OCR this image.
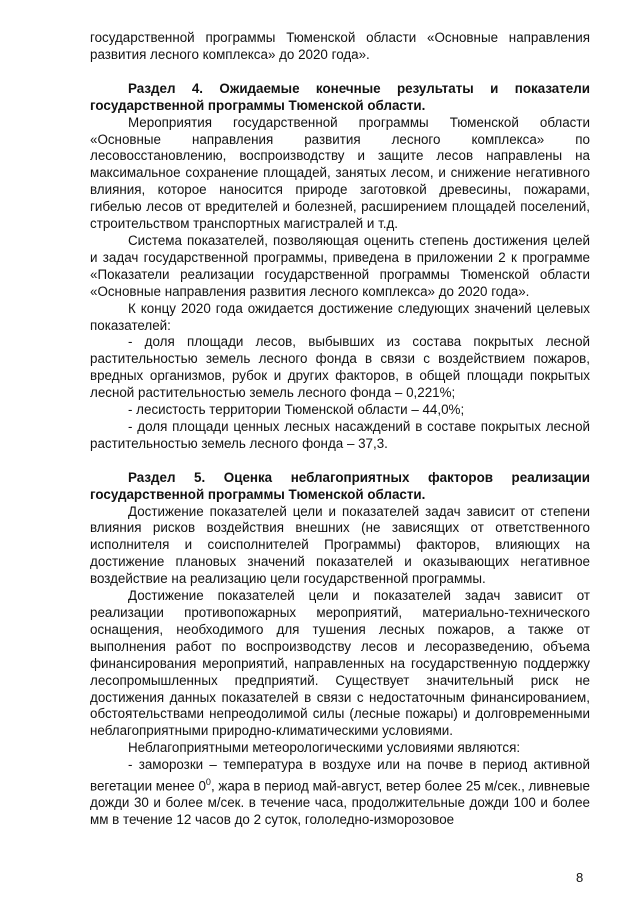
государственной программы Тюменской области «Основные направления развития лесного комплекса» до 2020 года».

Раздел 4. Ожидаемые конечные результаты и показатели государственной программы Тюменской области.

Мероприятия государственной программы Тюменской области «Основные направления развития лесного комплекса» по лесовосстановлению, воспроизводству и защите лесов направлены на максимальное сохранение площадей, занятых лесом, и снижение негативного влияния, которое наносится природе заготовкой древесины, пожарами, гибелью лесов от вредителей и болезней, расширением площадей поселений, строительством транспортных магистралей и т.д.

Система показателей, позволяющая оценить степень достижения целей и задач государственной программы, приведена в приложении 2 к программе «Показатели реализации государственной программы Тюменской области «Основные направления развития лесного комплекса» до 2020 года».

К концу 2020 года ожидается достижение следующих значений целевых показателей:

- доля площади лесов, выбывших из состава покрытых лесной растительностью земель лесного фонда в связи с воздействием пожаров, вредных организмов, рубок и других факторов, в общей площади покрытых лесной растительностью земель лесного фонда – 0,221%;

- лесистость территории Тюменской области – 44,0%;

- доля площади ценных лесных насаждений в составе покрытых лесной растительностью земель лесного фонда – 37,3.

Раздел 5. Оценка неблагоприятных факторов реализации государственной программы Тюменской области.

Достижение показателей цели и показателей задач зависит от степени влияния рисков воздействия внешних (не зависящих от ответственного исполнителя и соисполнителей Программы) факторов, влияющих на достижение плановых значений показателей и оказывающих негативное воздействие на реализацию цели государственной программы.

Достижение показателей цели и показателей задач зависит от реализации противопожарных мероприятий, материально-технического оснащения, необходимого для тушения лесных пожаров, а также от выполнения работ по воспроизводству лесов и лесоразведению, объема финансирования мероприятий, направленных на государственную поддержку лесопромышленных предприятий. Существует значительный риск не достижения данных показателей в связи с недостаточным финансированием, обстоятельствами непреодолимой силы (лесные пожары) и долговременными неблагоприятными природно-климатическими условиями.

Неблагоприятными метеорологическими условиями являются:

- заморозки – температура в воздухе или на почве в период активной вегетации менее $0^0$, жара в период май-август, ветер более 25 м/сек., ливневые дожди 30 и более м/сек. в течение часа, продолжительные дожди 100 и более мм в течение 12 часов до 2 суток, гололедно-изморозовое

8
